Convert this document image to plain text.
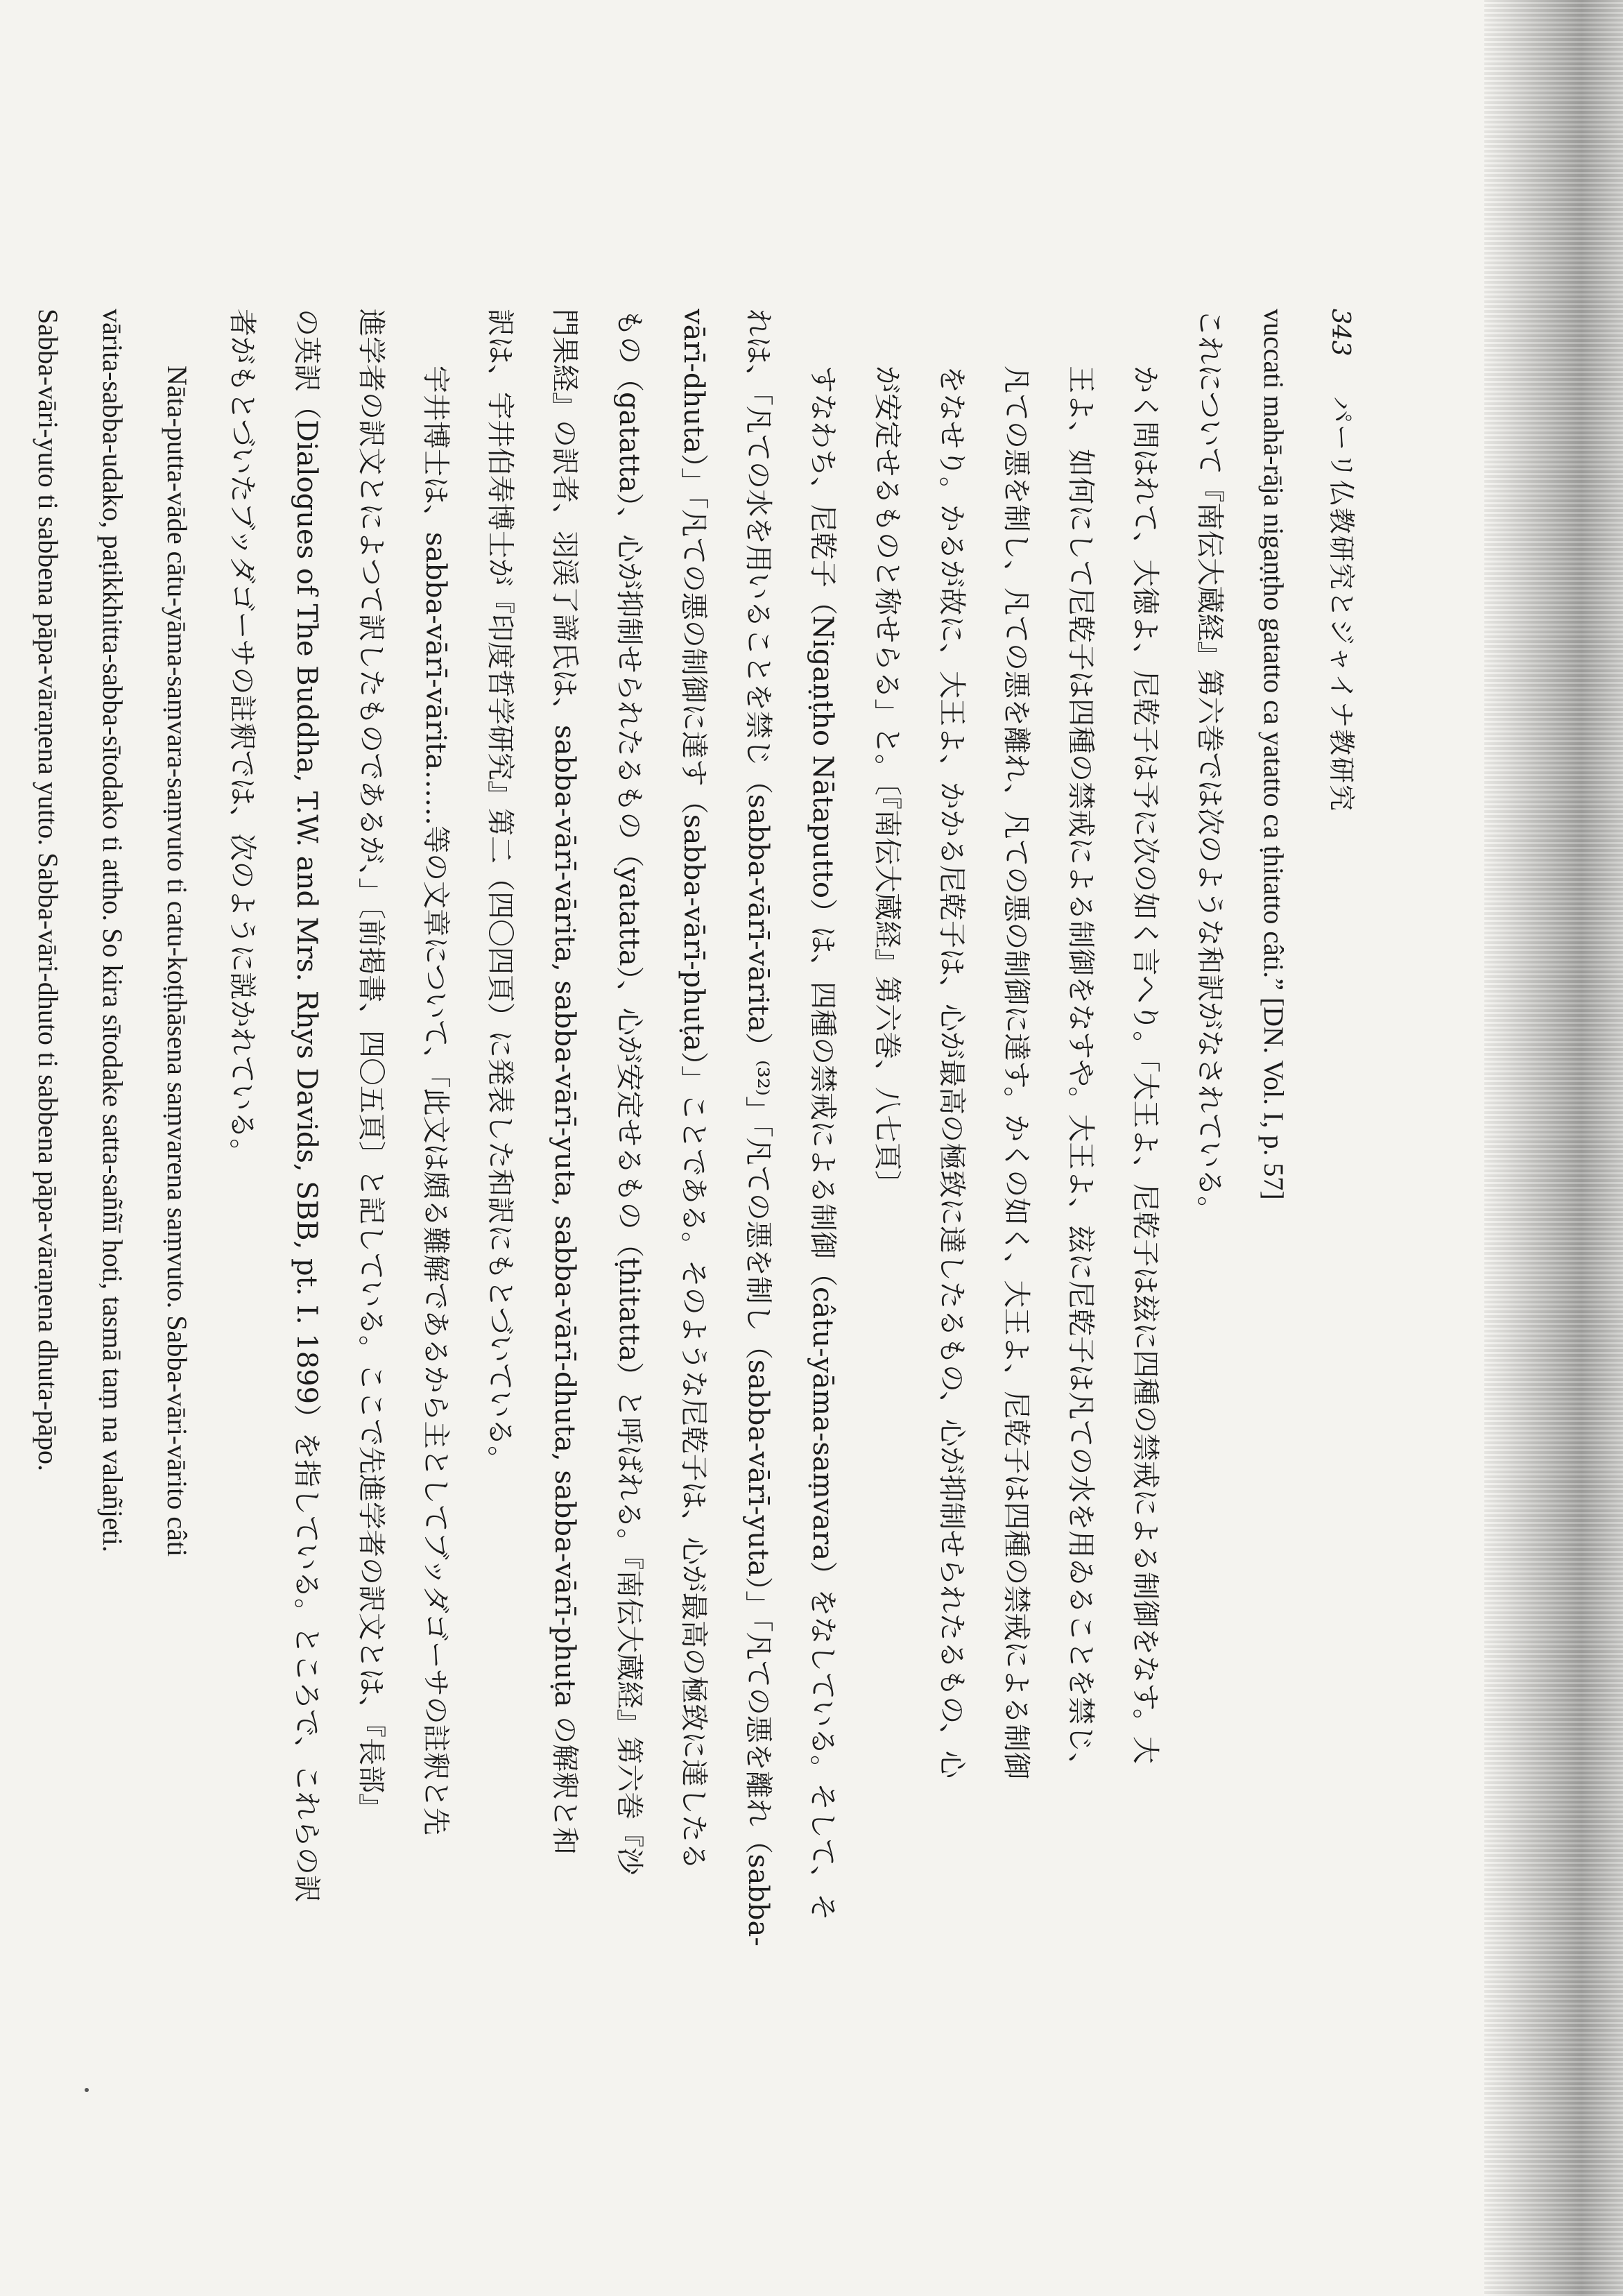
343
パーリ仏教研究とジャイナ教研究
vuccati mahā-rāja nigaṇṭho gatatto ca yatatto ca ṭhitatto câti.” [DN. Vol. I, p. 57]
これについて『南伝大蔵経』第六巻では次のような和訳がなされている。
かく問はれて、大徳よ、尼乾子は予に次の如く言へり。「大王よ、尼乾子は玆に四種の禁戒による制御をなす。大
王よ、如何にして尼乾子は四種の禁戒による制御をなすや。大王よ、玆に尼乾子は凡ての水を用ゐることを禁じ、
凡ての悪を制し、凡ての悪を離れ、凡ての悪の制御に達す。かくの如く、大王よ、尼乾子は四種の禁戒による制御
をなせり。かるが故に、大王よ、かかる尼乾子は、心が最高の極致に達したるもの、心が抑制せられたるもの、心
が安定せるものと称せらる」と。〔『南伝大蔵経』第六巻、八七頁〕
すなわち、尼乾子（Nigaṇṭho Nātaputto）は、四種の禁戒による制御（câtu-yāma-saṃvara）をなしている。そして、そ
れは、「凡ての水を用いることを禁じ（sabba-vārī-vārita）⁽³²⁾」「凡ての悪を制し（sabba-vārī-yuta）」「凡ての悪を離れ（sabba-
vārī-dhuta）」「凡ての悪の制御に達す（sabba-vārī-phuṭa）」ことである。そのような尼乾子は、心が最高の極致に達したる
もの（gatatta）、心が抑制せられたるもの（yatatta）、心が安定せるもの（ṭhitatta）と呼ばれる。『南伝大蔵経』第六巻『沙
門果経』の訳者、羽渓了諦氏は、sabba-vārī-vārita, sabba-vārī-yuta, sabba-vārī-dhuta, sabba-vārī-phuṭa の解釈と和
訳は、宇井伯寿博士が『印度哲学研究』第二（四〇四頁）に発表した和訳にもとづいている。
宇井博士は、sabba-vārī-vārita……等の文章について、「此文は頗る難解であるから主としてブッダゴーサの註釈と先
進学者の訳文とによつて訳したものであるが、」〔前掲書、四〇五頁〕と記している。ここで先進学者の訳文とは、『長部』
の英訳（Dialogues of The Buddha, T.W. and Mrs. Rhys Davids, SBB, pt. I. 1899）を指している。ところで、これらの訳
者がもとづいたブッダゴーサの註釈では、次のように説かれている。
Nāta-putta-vāde cātu-yāma-saṃvara-saṃvuto ti catu-koṭṭhāsena saṃvarena saṃvuto. Sabba-vāri-vārito câti
vārita-sabba-udako, paṭikkhitta-sabba-sītodako ti attho. So kira sītodake satta-saññī hoti, tasmā taṃ na valañjeti.
Sabba-vāri-yuto ti sabbena pāpa-vāraṇena yutto. Sabba-vāri-dhuto ti sabbena pāpa-vāraṇena dhuta-pāpo.
